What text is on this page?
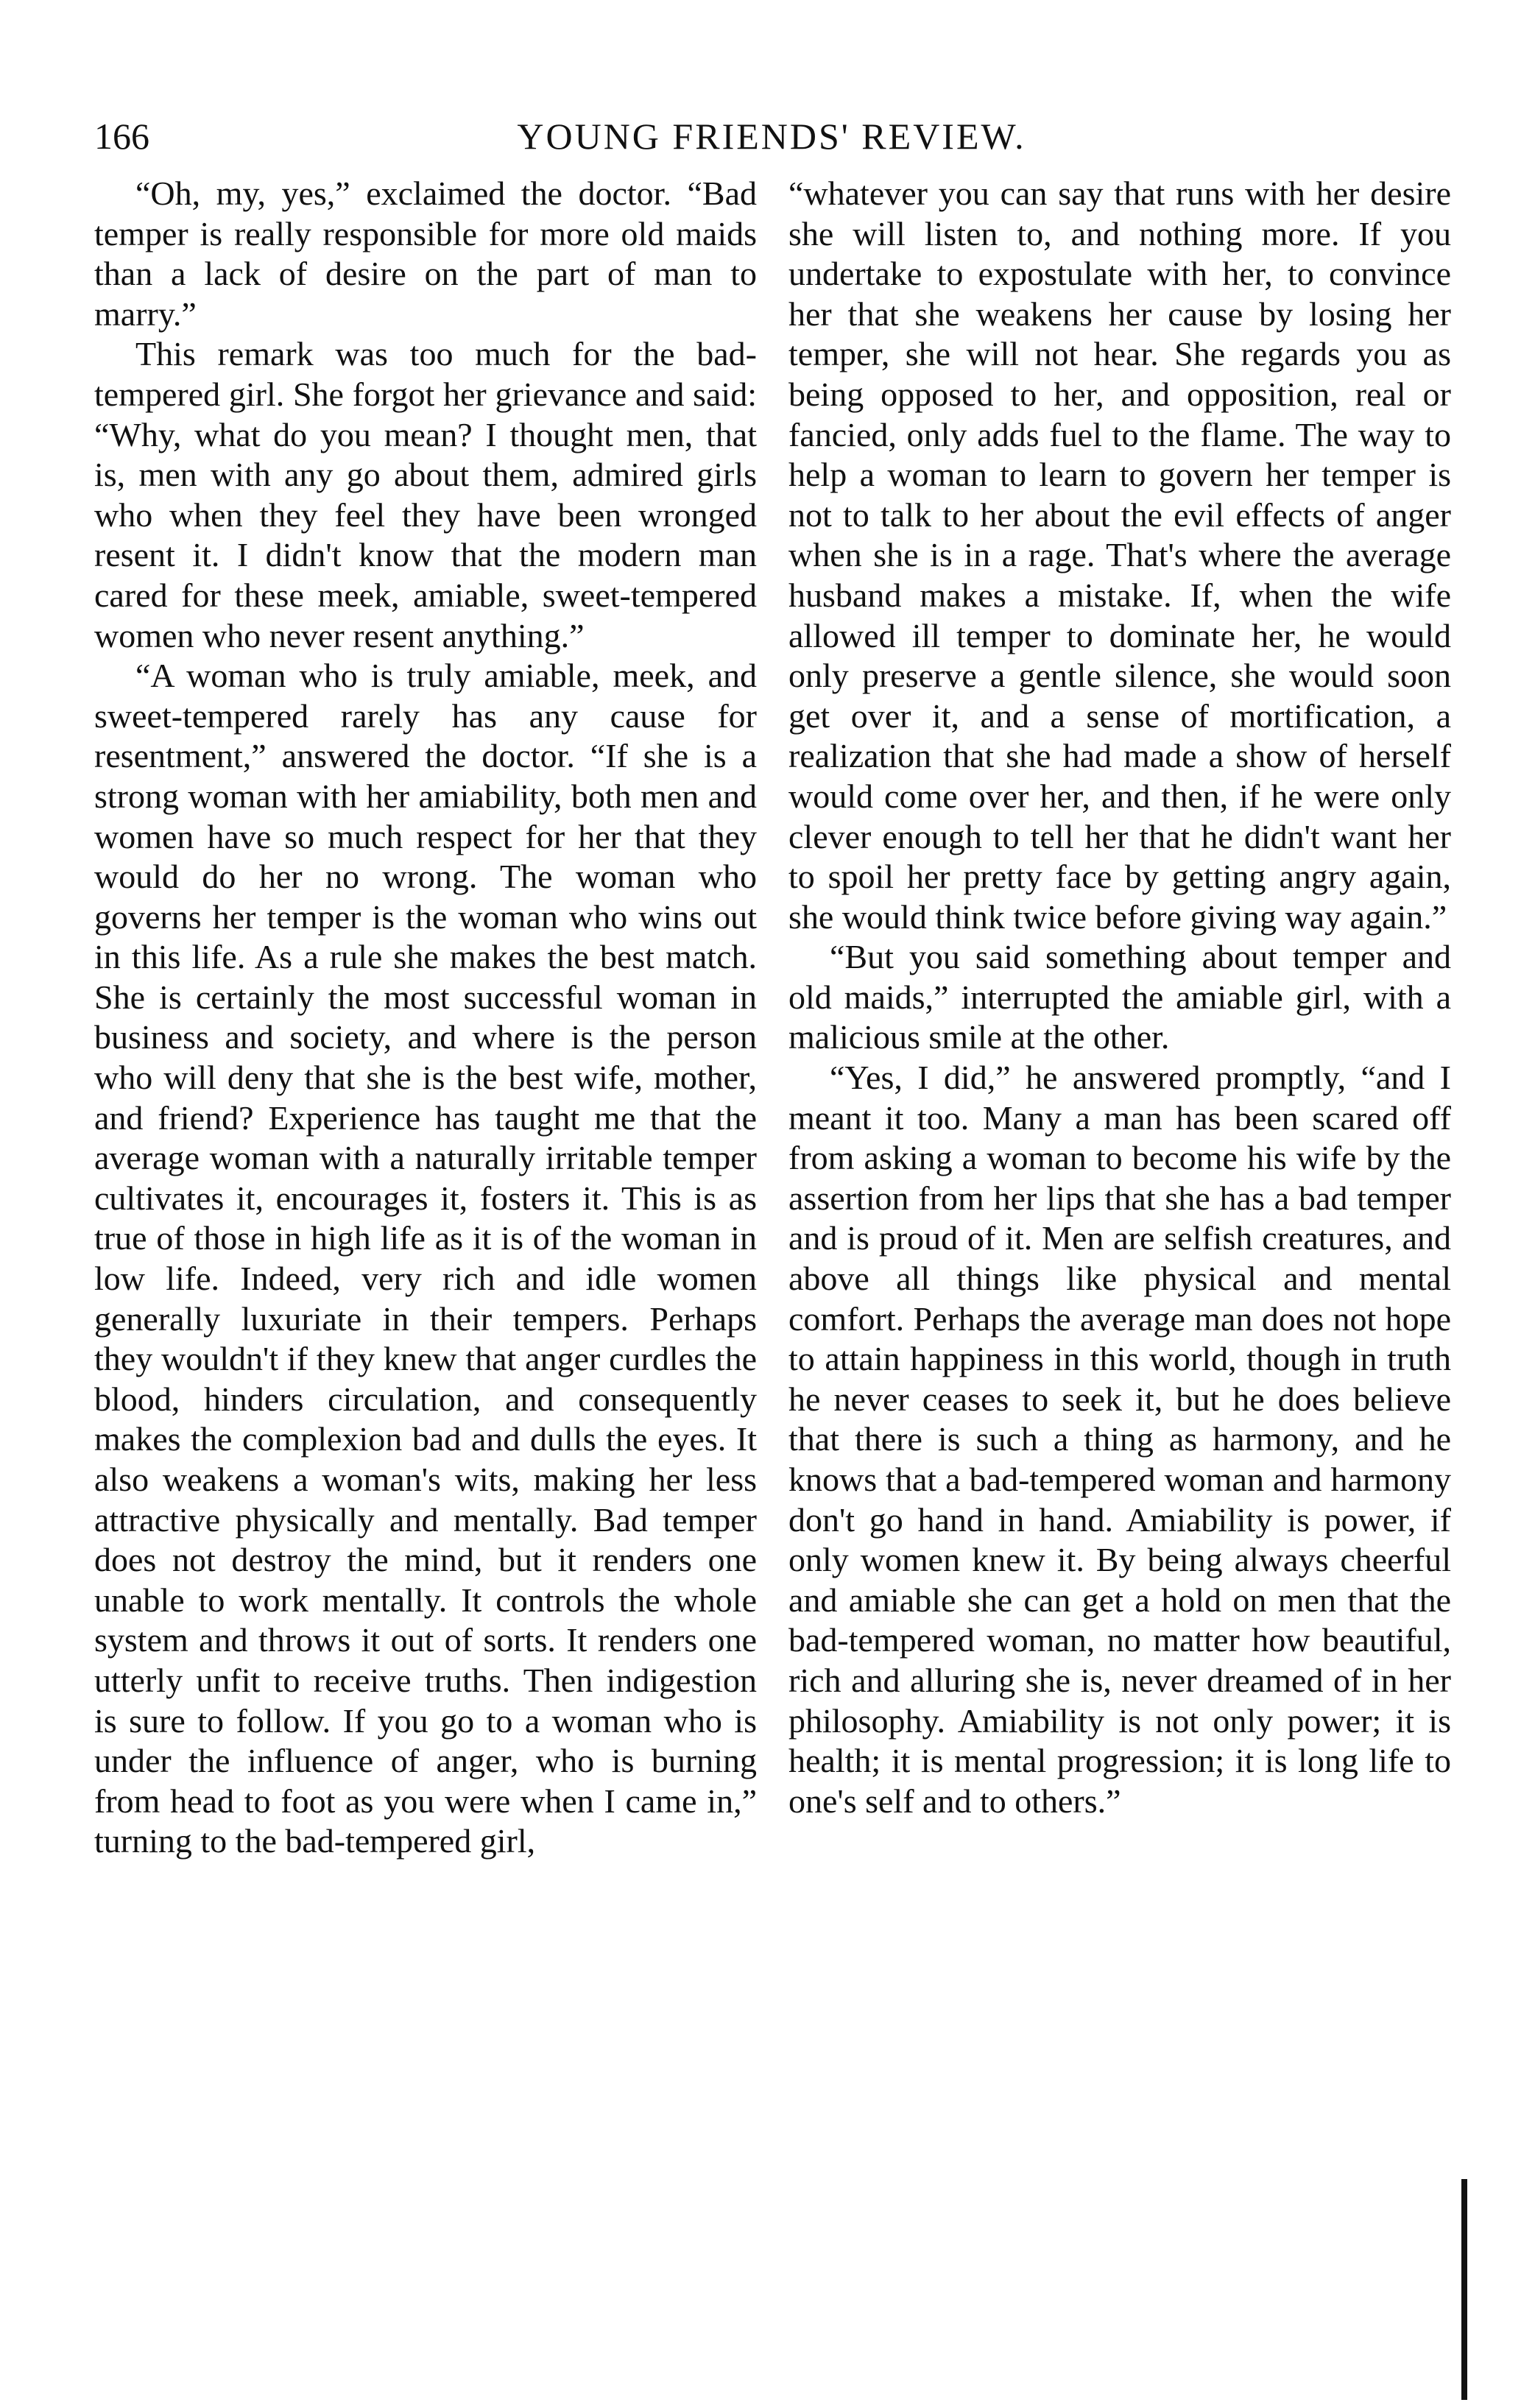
166	YOUNG FRIENDS' REVIEW.

“Oh, my, yes,” exclaimed the doctor. “Bad temper is really responsible for more old maids than a lack of desire on the part of man to marry.”

This remark was too much for the bad-tempered girl. She forgot her grievance and said: “Why, what do you mean? I thought men, that is, men with any go about them, admired girls who when they feel they have been wronged resent it. I didn't know that the modern man cared for these meek, amiable, sweet-tempered women who never resent anything.”

“A woman who is truly amiable, meek, and sweet-tempered rarely has any cause for resentment,” answered the doctor. “If she is a strong woman with her amiability, both men and women have so much respect for her that they would do her no wrong. The woman who governs her temper is the woman who wins out in this life. As a rule she makes the best match. She is certainly the most successful woman in business and society, and where is the person who will deny that she is the best wife, mother, and friend? Experience has taught me that the average woman with a naturally irritable temper cultivates it, encourages it, fosters it. This is as true of those in high life as it is of the woman in low life. Indeed, very rich and idle women generally luxuriate in their tempers. Perhaps they wouldn't if they knew that anger curdles the blood, hinders circulation, and consequently makes the complexion bad and dulls the eyes. It also weakens a woman's wits, making her less attractive physically and mentally. Bad temper does not destroy the mind, but it renders one unable to work mentally. It controls the whole system and throws it out of sorts. It renders one utterly unfit to receive truths. Then indigestion is sure to follow. If you go to a woman who is under the influence of anger, who is burning from head to foot as you were when I came in,” turning to the bad-tempered girl,

“whatever you can say that runs with her desire she will listen to, and nothing more. If you undertake to expostulate with her, to convince her that she weakens her cause by losing her temper, she will not hear. She regards you as being opposed to her, and opposition, real or fancied, only adds fuel to the flame. The way to help a woman to learn to govern her temper is not to talk to her about the evil effects of anger when she is in a rage. That's where the average husband makes a mistake. If, when the wife allowed ill temper to dominate her, he would only preserve a gentle silence, she would soon get over it, and a sense of mortification, a realization that she had made a show of herself would come over her, and then, if he were only clever enough to tell her that he didn't want her to spoil her pretty face by getting angry again, she would think twice before giving way again.”

“But you said something about temper and old maids,” interrupted the amiable girl, with a malicious smile at the other.

“Yes, I did,” he answered promptly, “and I meant it too. Many a man has been scared off from asking a woman to become his wife by the assertion from her lips that she has a bad temper and is proud of it. Men are selfish creatures, and above all things like physical and mental comfort. Perhaps the average man does not hope to attain happiness in this world, though in truth he never ceases to seek it, but he does believe that there is such a thing as harmony, and he knows that a bad-tempered woman and harmony don't go hand in hand. Amiability is power, if only women knew it. By being always cheerful and amiable she can get a hold on men that the bad-tempered woman, no matter how beautiful, rich and alluring she is, never dreamed of in her philosophy. Amiability is not only power; it is health; it is mental progression; it is long life to one's self and to others.”
